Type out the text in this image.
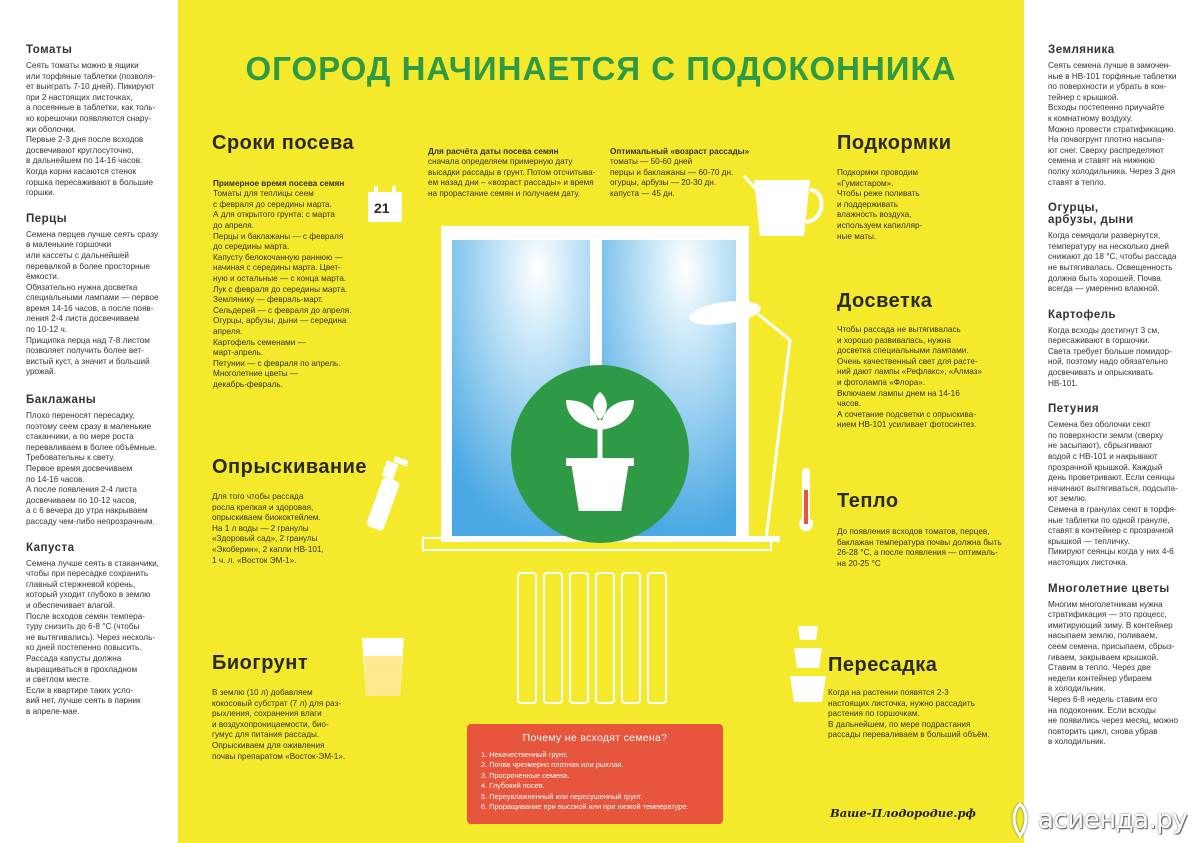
Томаты

Сеять томаты можно в ящики
или торфяные таблетки (позволя-
ет выиграть 7-10 дней). Пикируют
при 2 настоящих листочках,
а посеянные в таблетки, как толь-
ко корешочки появляются снару-
жи оболочки.
Первые 2-3 дня после всходов
досвечивают круглосуточно,
в дальнейшем по 14-16 часов.
Когда корни касаются стенок
горшка пересаживают в большие
горшки.

Перцы

Семена перцев лучше сеять сразу
в маленькие горшочки
или кассеты с дальнейшей
перевалкой в более просторные
ёмкости.
Обязательно нужна досветка
специальными лампами — первое
время 14-16 часов, а после появ-
ления 2-4 листа досвечиваем
по 10-12 ч.
Прищипка перца над 7-8 листом
позволяет получить более вет-
вистый куст, а значит и больший
урожай.

Баклажаны

Плохо переносят пересадку,
поэтому сеем сразу в маленькие
стаканчики, а по мере роста
переваливаем в более объёмные.
Требовательны к свету.
Первое время досвечиваем
по 14-16 часов.
А после появления 2-4 листа
досвечиваем по 10-12 часов,
а с 6 вечера до утра накрываем
рассаду чем-либо непрозрачным.

Капуста

Семена лучше сеять в стаканчики,
чтобы при пересадке сохранить
главный стержневой корень,
который уходит глубоко в землю
и обеспечивает влагой.
После всходов семян темпера-
туру снизить до 6-8 °С (чтобы
не вытягивались). Через несколь-
ко дней постепенно повысить.
Рассада капусты должна
выращиваться в прохладном
и светлом месте.
Если в квартире таких усло-
вий нет, лучше сеять в парник
в апреле-мае.

Земляника

Сеять семена лучше в замочен-
ные в НВ-101 торфяные таблетки
по поверхности и убрать в кон-
тейнер с крышкой.
Всходы постепенно приучайте
к комнатному воздуху.
Можно провести стратификацию.
На почвогрунт плотно насыпа-
ют снег. Сверху распределяют
семена и ставят на нижнюю
полку холодильника. Через 3 дня
ставят в тепло.

Огурцы,
арбузы, дыни

Когда семядоли развернутся,
температуру на несколько дней
снижают до 18 °С, чтобы рассада
не вытягивалась. Освещенность
должна быть хорошей. Почва
всегда — умеренно влажной.

Картофель

Когда всходы достигнут 3 см,
пересаживают в горшочки.
Света требует больше помидор-
ной, поэтому надо обязательно
досвечивать и опрыскивать
НВ-101.

Петуния

Семена без оболочки сеют
по поверхности земли (сверху
не засыпают), сбрызгивают
водой с НВ-101 и накрывают
прозрачной крышкой. Каждый
день проветривают. Если сеянцы
начинают вытягиваться, подсыпа-
ют землю.
Семена в гранулах сеют в торфя-
ные таблетки по одной грануле,
ставят в контейнер с прозрачной
крышкой — тепличку.
Пикируют сеянцы когда у них 4-6
настоящих листочка.

Многолетние цветы

Многим многолетникам нужна
стратификация — это процесс,
имитирующий зиму. В контейнер
насыпаем землю, поливаем,
сеем семена, присыпаем, сбрыз-
гиваем, закрываем крышкой.
Ставим в тепло. Через две
недели контейнер убираем
в холодильник.
Через 6-8 недель ставим его
на подоконник. Если всходы
не появились через месяц, можно
повторить цикл, снова убрав
в холодильник.

ОГОРОД НАЧИНАЕТСЯ С ПОДОКОННИКА
21
Сроки посева

Примерное время посева семян
Томаты для теплицы сеем
с февраля до середины марта.
А для открытого грунта: с марта
до апреля.
Перцы и баклажаны — с февраля
до середины марта.
Капусту белокочанную раннюю —
начиная с середины марта. Цвет-
ную и остальные — с конца марта.
Лук с февраля до середины марта.
Землянику — февраль-март.
Сельдерей — с февраля до апреля.
Огурцы, арбузы, дыни — середина
апреля.
Картофель семенами —
март-апрель.
Петунии — с февраля по апрель.
Многолетние цветы —
декабрь-февраль.

Для расчёта даты посева семян
сначала определяем примерную дату
высадки рассады в грунт. Потом отсчитыва-
ем назад дни – «возраст рассады» и время
на прорастание семян и получаем дату.

Оптимальный «возраст рассады»
томаты — 50-60 дней
перцы и баклажаны — 60-70 дн.
огурцы, арбузы — 20-30 дн.
капуста — 45 дн.

Подкормки
Подкормки проводим
«Гумистаром».
Чтобы реже поливать
и поддерживать
влажность воздуха,
используем капилляр-
ные маты.
Досветка
Чтобы рассада не вытягивалась
и хорошо развивалась, нужна
досветка специальными лампами.
Очень качественный свет для расте-
ний дают лампы «Рефлакс», «Алмаз»
и фотолампа «Флора».
Включаем лампы днем на 14-16
часов.
А сочетание подсветки с опрыскива-
нием НВ-101 усиливает фотосинтез.
Опрыскивание
Для того чтобы рассада
росла крепкая и здоровая,
опрыскиваем биококтейлем.
На 1 л воды — 2 гранулы
«Здоровый сад», 2 гранулы
«Экоберин», 2 капли НВ-101,
1 ч. л. «Восток ЭМ-1».
Тепло
До появления всходов томатов, перцев,
баклажан температура почвы должна быть
26-28 °С, а после появления — оптималь-
на 20-25 °С
Биогрунт
В землю (10 л) добавляем
кокосовый субстрат (7 л) для раз-
рыхления, сохранения влаги
и воздухопроницаемости, био-
гумус для питания рассады.
Опрыскиваем для оживления
почвы препаратом «Восток-ЭМ-1».
Пересадка
Когда на растении появятся 2-3
настоящих листочка, нужно рассадить
растения по горшочкам.
В дальнейшем, по мере подрастания
рассады переваливаем в больший объём.
Почему не всходят семена?
1. Некачественный грунт.
2. Почва чрезмерно плотная или рыхлая.
3. Просроченные семена.
4. Глубокий посев.
5. Переувлажненный или пересушенный грунт.
6. Проращивание при высокой или при низкой температуре.	Ваше-Плодородие.рф асиенда.ру
